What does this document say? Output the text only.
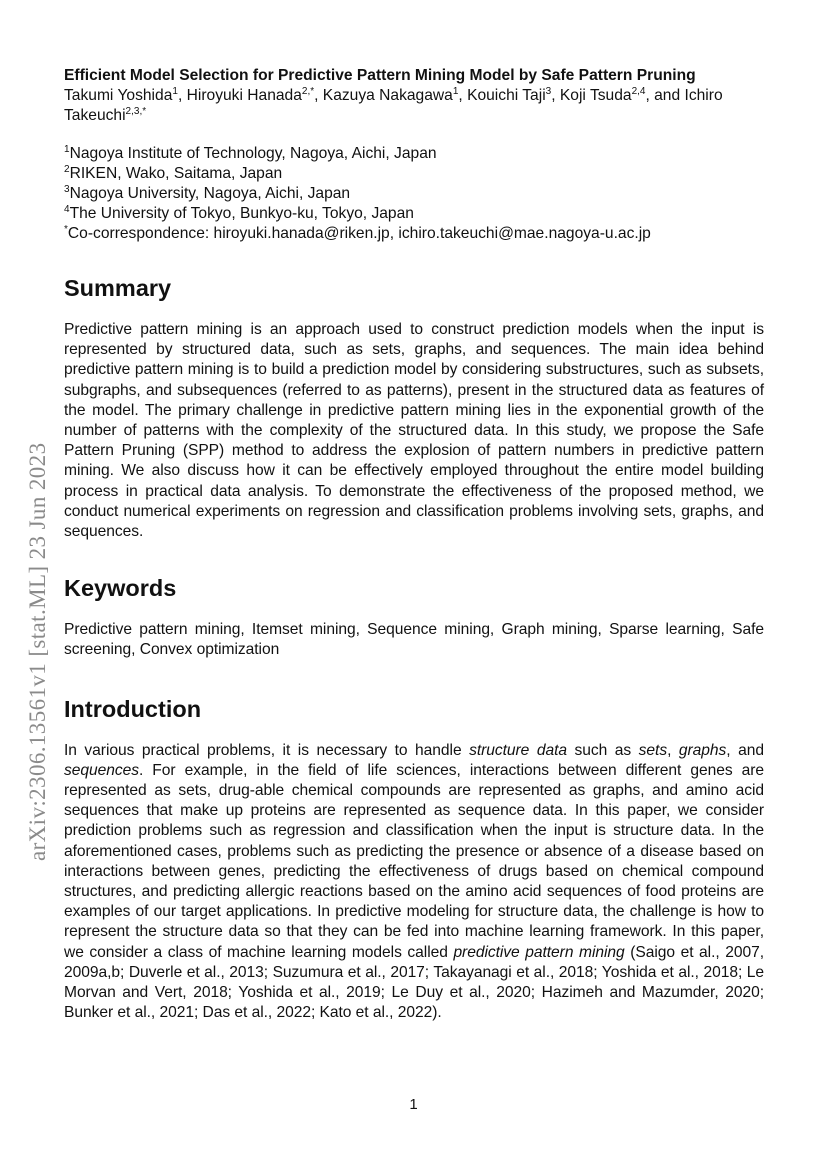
arXiv:2306.13561v1 [stat.ML] 23 Jun 2023

Efficient Model Selection for Predictive Pattern Mining Model by Safe Pattern Pruning

Takumi Yoshida$^1$, Hiroyuki Hanada$^{2,*}$, Kazuya Nakagawa$^1$, Kouichi Taji$^3$, Koji Tsuda$^{2,4}$, and Ichiro Takeuchi$^{2,3,*}$

$^1$Nagoya Institute of Technology, Nagoya, Aichi, Japan
$^2$RIKEN, Wako, Saitama, Japan
$^3$Nagoya University, Nagoya, Aichi, Japan
$^4$The University of Tokyo, Bunkyo-ku, Tokyo, Japan
*Co-correspondence: hiroyuki.hanada@riken.jp, ichiro.takeuchi@mae.nagoya-u.ac.jp
Summary

Predictive pattern mining is an approach used to construct prediction models when the input is represented by structured data, such as sets, graphs, and sequences. The main idea behind predictive pattern mining is to build a prediction model by considering substructures, such as subsets, subgraphs, and subsequences (referred to as patterns), present in the structured data as features of the model. The primary challenge in predictive pattern mining lies in the exponential growth of the number of patterns with the complexity of the structured data. In this study, we propose the Safe Pattern Pruning (SPP) method to address the explosion of pattern numbers in predictive pattern mining. We also discuss how it can be effectively employed throughout the entire model building process in practical data analysis. To demonstrate the effectiveness of the proposed method, we conduct numerical experiments on regression and classification problems involving sets, graphs, and sequences.

Keywords

Predictive pattern mining, Itemset mining, Sequence mining, Graph mining, Sparse learning, Safe screening, Convex optimization

Introduction

In various practical problems, it is necessary to handle structure data such as sets, graphs, and sequences. For example, in the field of life sciences, interactions between different genes are represented as sets, drug-able chemical compounds are represented as graphs, and amino acid sequences that make up proteins are represented as sequence data. In this paper, we consider prediction problems such as regression and classification when the input is structure data. In the aforementioned cases, problems such as predicting the presence or absence of a disease based on interactions between genes, predicting the effectiveness of drugs based on chemical compound structures, and predicting allergic reactions based on the amino acid sequences of food proteins are examples of our target applications. In predictive modeling for structure data, the challenge is how to represent the structure data so that they can be fed into machine learning framework. In this paper, we consider a class of machine learning models called predictive pattern mining (Saigo et al., 2007, 2009a,b; Duverle et al., 2013; Suzumura et al., 2017; Takayanagi et al., 2018; Yoshida et al., 2018; Le Morvan and Vert, 2018; Yoshida et al., 2019; Le Duy et al., 2020; Hazimeh and Mazumder, 2020; Bunker et al., 2021; Das et al., 2022; Kato et al., 2022).

1
